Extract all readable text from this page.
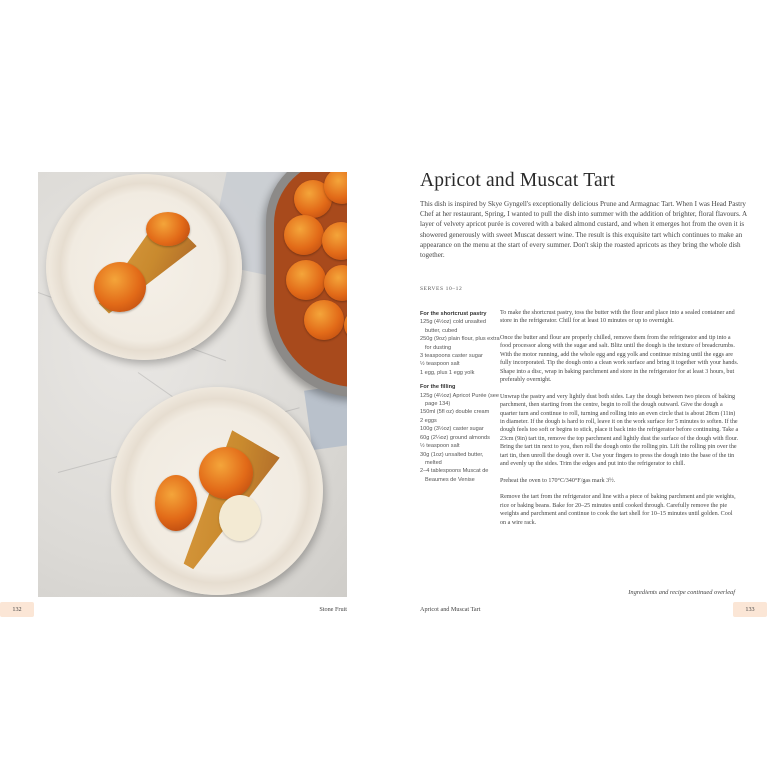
Apricot and Muscat Tart
This dish is inspired by Skye Gyngell's exceptionally delicious Prune and Armagnac Tart. When I was Head Pastry Chef at her restaurant, Spring, I wanted to pull the dish into summer with the addition of brighter, floral flavours. A layer of velvety apricot purée is covered with a baked almond custard, and when it emerges hot from the oven it is showered generously with sweet Muscat dessert wine. The result is this exquisite tart which continues to make an appearance on the menu at the start of every summer. Don't skip the roasted apricots as they bring the whole dish together.
SERVES 10–12
For the shortcrust pastry
125g (4½oz) cold unsalted butter, cubed
250g (9oz) plain flour, plus extra for dusting
3 teaspoons caster sugar
½ teaspoon salt
1 egg, plus 1 egg yolk
For the filling
125g (4½oz) Apricot Purée (see page 134)
150ml (5fl oz) double cream
2 eggs
100g (3½oz) caster sugar
60g (2¼oz) ground almonds
½ teaspoon salt
30g (1oz) unsalted butter, melted
2–4 tablespoons Muscat de Beaumes de Venise

To make the shortcrust pastry, toss the butter with the flour and place into a sealed container and store in the refrigerator. Chill for at least 10 minutes or up to overnight.

Once the butter and flour are properly chilled, remove them from the refrigerator and tip into a food processor along with the sugar and salt. Blitz until the dough is the texture of breadcrumbs. With the motor running, add the whole egg and egg yolk and continue mixing until the eggs are fully incorporated. Tip the dough onto a clean work surface and bring it together with your hands. Shape into a disc, wrap in baking parchment and store in the refrigerator for at least 3 hours, but preferably overnight.

Unwrap the pastry and very lightly dust both sides. Lay the dough between two pieces of baking parchment, then starting from the centre, begin to roll the dough outward. Give the dough a quarter turn and continue to roll, turning and rolling into an even circle that is about 28cm (11in) in diameter. If the dough is hard to roll, leave it on the work surface for 5 minutes to soften. If the dough feels too soft or begins to stick, place it back into the refrigerator before continuing. Take a 23cm (9in) tart tin, remove the top parchment and lightly dust the surface of the dough with flour. Bring the tart tin next to you, then roll the dough onto the rolling pin. Lift the rolling pin over the tart tin, then unroll the dough over it. Use your fingers to press the dough into the base of the tin and evenly up the sides. Trim the edges and put into the refrigerator to chill.

Preheat the oven to 170°C/340°F/gas mark 3½.

Remove the tart from the refrigerator and line with a piece of baking parchment and pie weights, rice or baking beans. Bake for 20–25 minutes until cooked through. Carefully remove the pie weights and parchment and continue to cook the tart shell for 10–15 minutes until golden. Cool on a wire rack.

Ingredients and recipe continued overleaf
132	Stone Fruit	Apricot and Muscat Tart	133
